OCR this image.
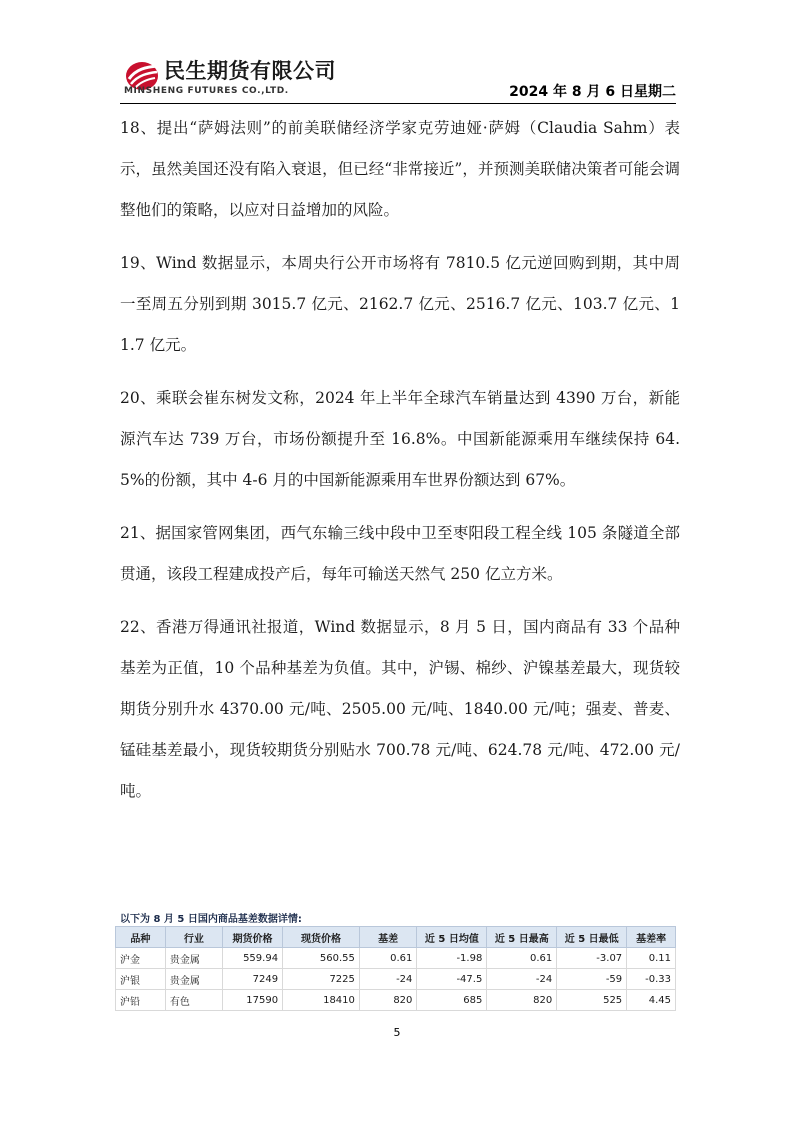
民生期货有限公司
MINSHENG FUTURES CO.,LTD.	2024 年 8 月 6 日星期二

18、提出“萨姆法则”的前美联储经济学家克劳迪娅·萨姆（Claudia Sahm）表示，虽然美国还没有陷入衰退，但已经“非常接近”，并预测美联储决策者可能会调整他们的策略，以应对日益增加的风险。

19、Wind 数据显示，本周央行公开市场将有 7810.5 亿元逆回购到期，其中周一至周五分别到期 3015.7 亿元、2162.7 亿元、2516.7 亿元、103.7 亿元、11.7 亿元。

20、乘联会崔东树发文称，2024 年上半年全球汽车销量达到 4390 万台，新能源汽车达 739 万台，市场份额提升至 16.8%。中国新能源乘用车继续保持 64.5%的份额，其中 4-6 月的中国新能源乘用车世界份额达到 67%。

21、据国家管网集团，西气东输三线中段中卫至枣阳段工程全线 105 条隧道全部贯通，该段工程建成投产后，每年可输送天然气 250 亿立方米。

22、香港万得通讯社报道，Wind 数据显示，8 月 5 日，国内商品有 33 个品种基差为正值，10 个品种基差为负值。其中，沪锡、棉纱、沪镍基差最大，现货较期货分别升水 4370.00 元/吨、2505.00 元/吨、1840.00 元/吨；强麦、普麦、锰硅基差最小，现货较期货分别贴水 700.78 元/吨、624.78 元/吨、472.00 元/吨。

以下为 8 月 5 日国内商品基差数据详情:
品种	行业	期货价格	现货价格	基差	近 5 日均值	近 5 日最高	近 5 日最低	基差率
沪金	贵金属	559.94	560.55	0.61	-1.98	0.61	-3.07	0.11
沪银	贵金属	7249	7225	-24	-47.5	-24	-59	-0.33
沪铅	有色	17590	18410	820	685	820	525	4.45
5
